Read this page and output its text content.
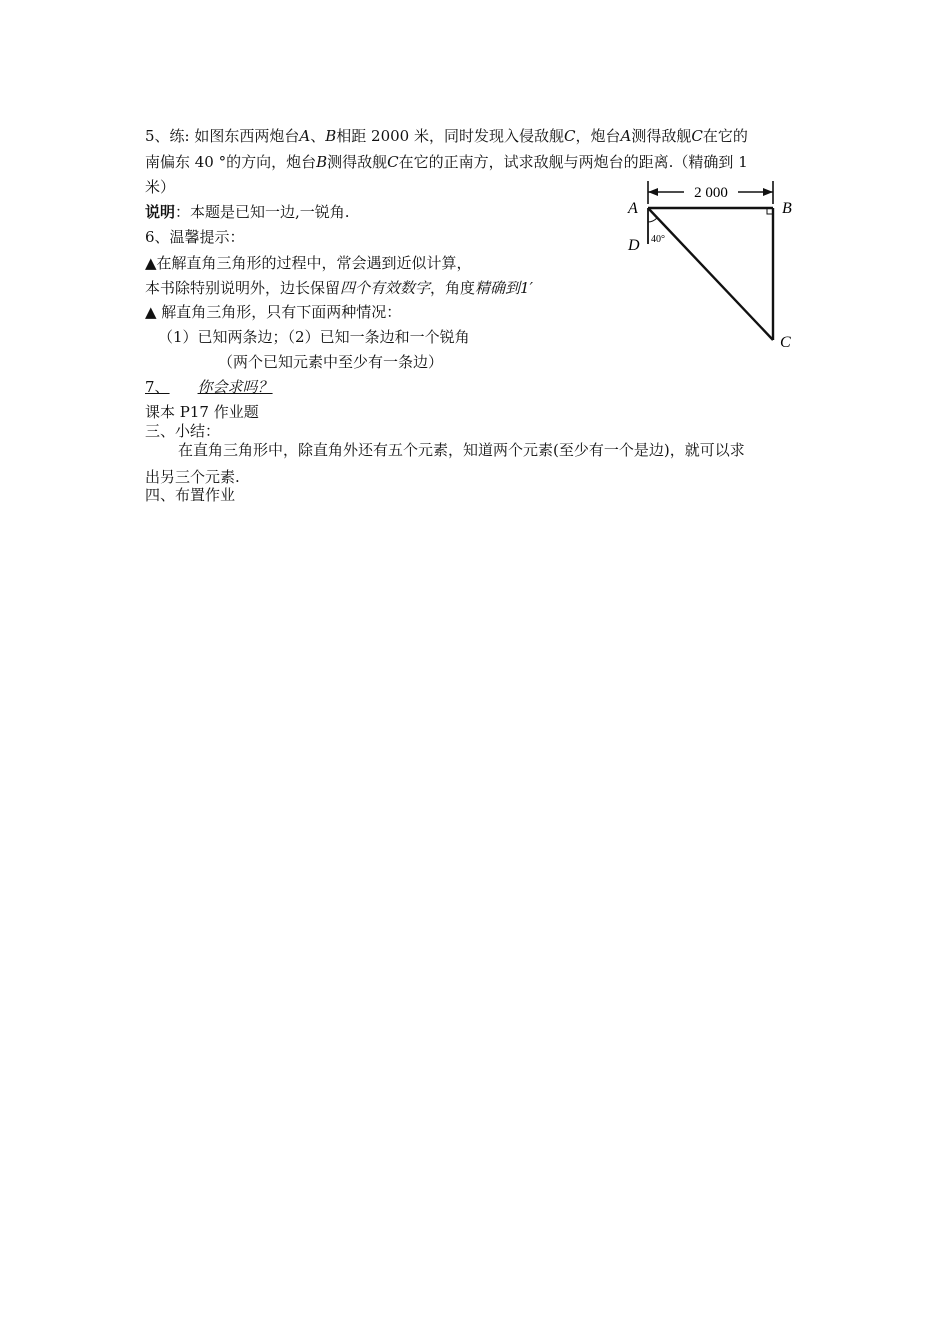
5、练: 如图东西两炮台A、B相距 2000 米，同时发现入侵敌舰C，炮台A测得敌舰C在它的
南偏东 40 °的方向，炮台B测得敌舰C在它的正南方，试求敌舰与两炮台的距离.（精确到 1
米）
说明：本题是已知一边,一锐角.
6、温馨提示：
▲在解直角三角形的过程中，常会遇到近似计算，
本书除特别说明外，边长保留四个有效数字，角度精确到1′
▲ 解直角三角形，只有下面两种情况：
（1）已知两条边；（2）已知一条边和一个锐角
（两个已知元素中至少有一条边）
7、 你会求吗？
课本 P17 作业题
三、小结：
在直角三角形中，除直角外还有五个元素，知道两个元素(至少有一个是边)，就可以求
出另三个元素.
四、布置作业
2 000
40°
A	B
D
C
